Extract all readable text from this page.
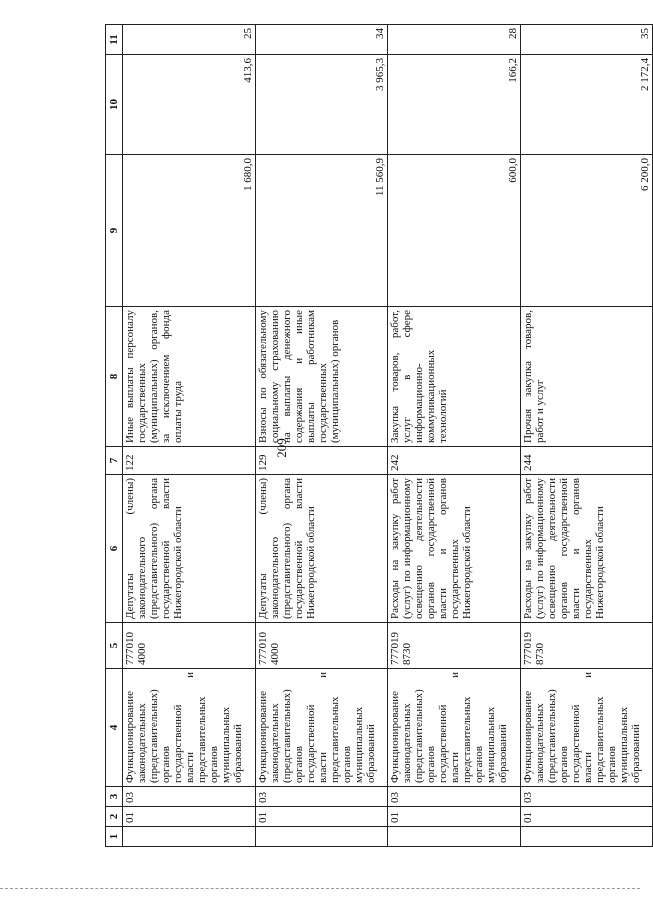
209
1	2	3	4	5	6	7	8	9	10	11
	01	03	Функционирование законодательных (представительных) органов государственной власти и представительных органов муниципальных образований	777010 4000	Депутаты (члены) законодательного (представительного) органа государственной власти Нижегородской области	122	Иные выплаты персоналу государственных (муниципальных) органов, за исключением фонда оплаты труда	1 680,0	413,6	25
	01	03	Функционирование законодательных (представительных) органов государственной власти и представительных органов муниципальных образований	777010 4000	Депутаты (члены) законодательного (представительного) органа государственной власти Нижегородской области	129	Взносы по обязательному социальному страхованию на выплаты денежного содержания и иные выплаты работникам государственных (муниципальных) органов	11 560,9	3 965,3	34
	01	03	Функционирование законодательных (представительных) органов государственной власти и представительных органов муниципальных образований	777019 8730	Расходы на закупку работ (услуг) по информационному освещению деятельности органов государственной власти и органов государственных Нижегородской области	242	Закупка товаров, работ, услуг в сфере информационно-коммуникационных технологий	600,0	166,2	28
	01	03	Функционирование законодательных (представительных) органов государственной власти и представительных органов муниципальных образований	777019 8730	Расходы на закупку работ (услуг) по информационному освещению деятельности органов государственной власти и органов государственных Нижегородской области	244	Прочая закупка товаров, работ и услуг	6 200,0	2 172,4	35
